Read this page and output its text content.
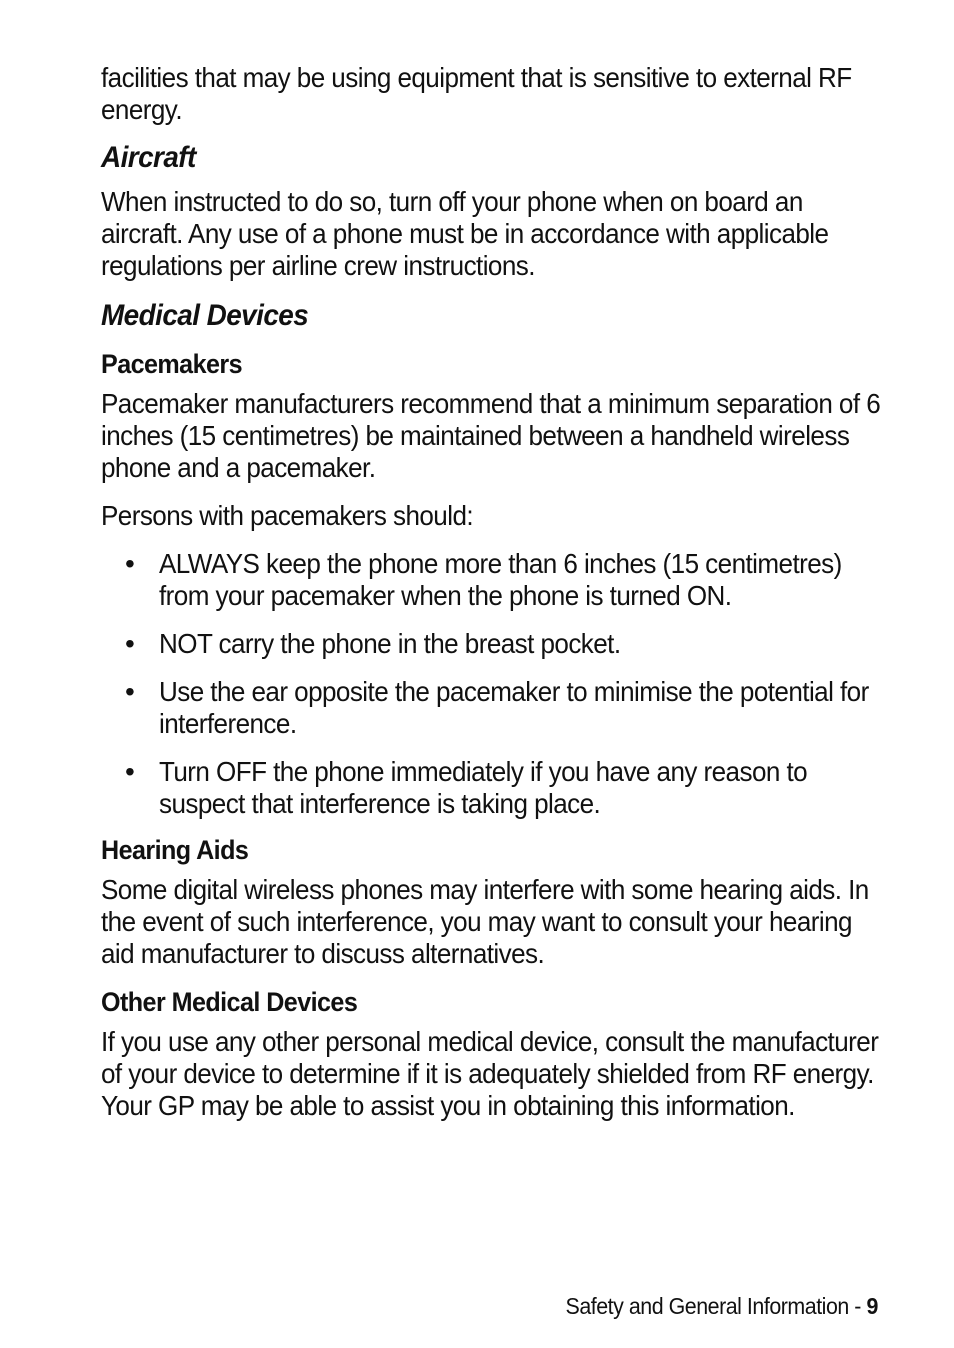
facilities that may be using equipment that is sensitive to external RF energy.

Aircraft

When instructed to do so, turn off your phone when on board an aircraft. Any use of a phone must be in accordance with applicable regulations per airline crew instructions.

Medical Devices
Pacemakers

Pacemaker manufacturers recommend that a minimum separation of 6 inches (15 centimetres) be maintained between a handheld wireless phone and a pacemaker.

Persons with pacemakers should:

• ALWAYS keep the phone more than 6 inches (15 centimetres) from your pacemaker when the phone is turned ON.

• NOT carry the phone in the breast pocket.

• Use the ear opposite the pacemaker to minimise the potential for interference.

• Turn OFF the phone immediately if you have any reason to suspect that interference is taking place.

Hearing Aids

Some digital wireless phones may interfere with some hearing aids. In the event of such interference, you may want to consult your hearing aid manufacturer to discuss alternatives.

Other Medical Devices

If you use any other personal medical device, consult the manufacturer of your device to determine if it is adequately shielded from RF energy. Your GP may be able to assist you in obtaining this information.

Safety and General Information - 9
